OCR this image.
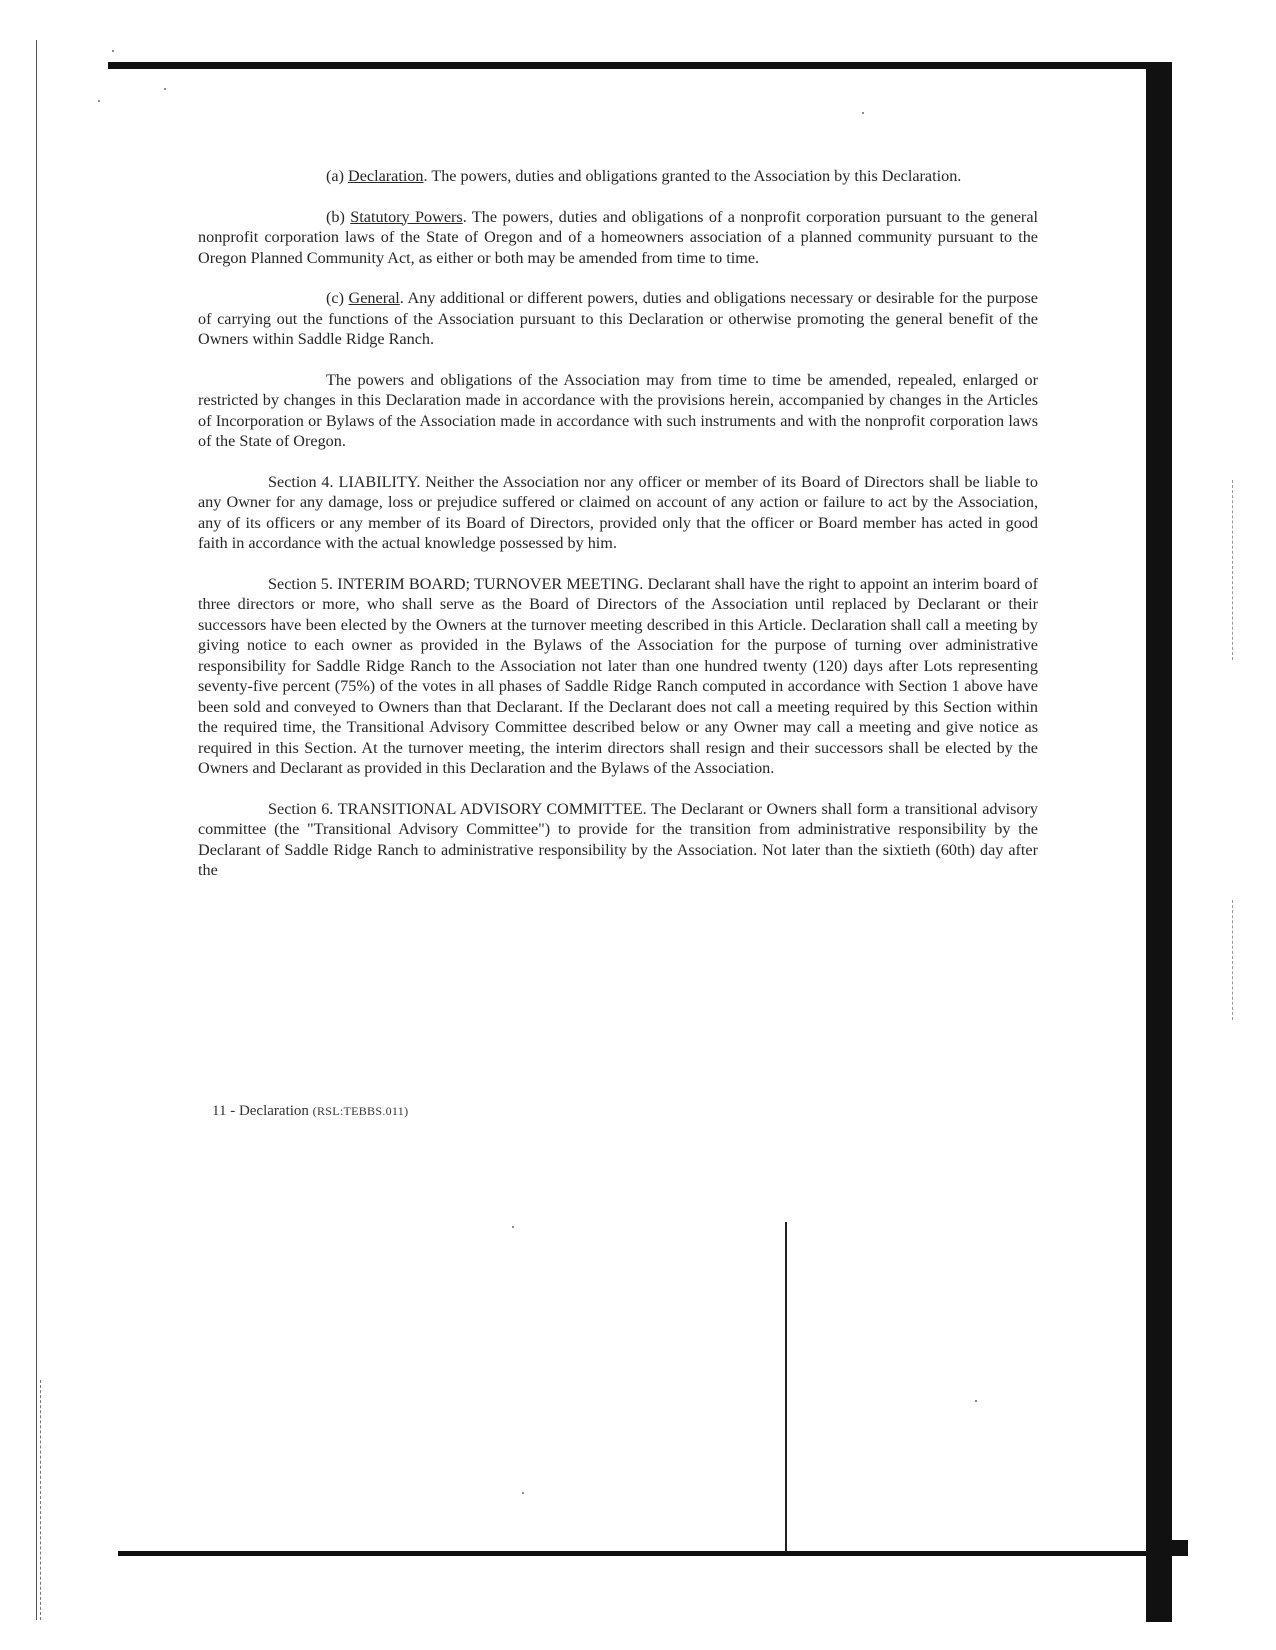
(a) Declaration. The powers, duties and obligations granted to the Association by this Declaration.

(b) Statutory Powers. The powers, duties and obligations of a nonprofit corporation pursuant to the general nonprofit corporation laws of the State of Oregon and of a homeowners association of a planned community pursuant to the Oregon Planned Community Act, as either or both may be amended from time to time.

(c) General. Any additional or different powers, duties and obligations necessary or desirable for the purpose of carrying out the functions of the Association pursuant to this Declaration or otherwise promoting the general benefit of the Owners within Saddle Ridge Ranch.

The powers and obligations of the Association may from time to time be amended, repealed, enlarged or restricted by changes in this Declaration made in accordance with the provisions herein, accompanied by changes in the Articles of Incorporation or Bylaws of the Association made in accordance with such instruments and with the nonprofit corporation laws of the State of Oregon.

Section 4. LIABILITY. Neither the Association nor any officer or member of its Board of Directors shall be liable to any Owner for any damage, loss or prejudice suffered or claimed on account of any action or failure to act by the Association, any of its officers or any member of its Board of Directors, provided only that the officer or Board member has acted in good faith in accordance with the actual knowledge possessed by him.

Section 5. INTERIM BOARD; TURNOVER MEETING. Declarant shall have the right to appoint an interim board of three directors or more, who shall serve as the Board of Directors of the Association until replaced by Declarant or their successors have been elected by the Owners at the turnover meeting described in this Article. Declaration shall call a meeting by giving notice to each owner as provided in the Bylaws of the Association for the purpose of turning over administrative responsibility for Saddle Ridge Ranch to the Association not later than one hundred twenty (120) days after Lots representing seventy-five percent (75%) of the votes in all phases of Saddle Ridge Ranch computed in accordance with Section 1 above have been sold and conveyed to Owners than that Declarant. If the Declarant does not call a meeting required by this Section within the required time, the Transitional Advisory Committee described below or any Owner may call a meeting and give notice as required in this Section. At the turnover meeting, the interim directors shall resign and their successors shall be elected by the Owners and Declarant as provided in this Declaration and the Bylaws of the Association.

Section 6. TRANSITIONAL ADVISORY COMMITTEE. The Declarant or Owners shall form a transitional advisory committee (the "Transitional Advisory Committee") to provide for the transition from administrative responsibility by the Declarant of Saddle Ridge Ranch to administrative responsibility by the Association. Not later than the sixtieth (60th) day after the

11 - Declaration (RSL:TEBBS.011)
